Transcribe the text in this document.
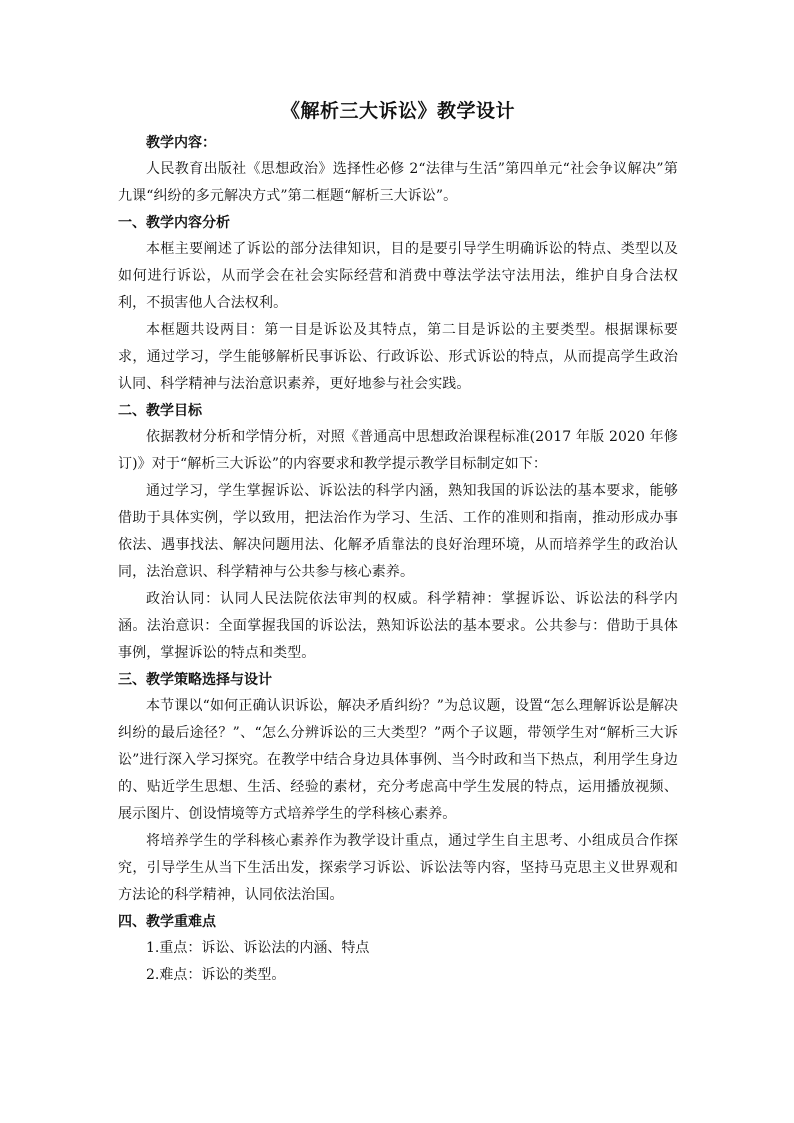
《解析三大诉讼》教学设计
教学内容：

人民教育出版社《思想政治》选择性必修 2“法律与生活”第四单元“社会争议解决”第九课“纠纷的多元解决方式”第二框题“解析三大诉讼”。

一、教学内容分析

本框主要阐述了诉讼的部分法律知识，目的是要引导学生明确诉讼的特点、类型以及如何进行诉讼，从而学会在社会实际经营和消费中尊法学法守法用法，维护自身合法权利，不损害他人合法权利。

本框题共设两目：第一目是诉讼及其特点，第二目是诉讼的主要类型。根据课标要求，通过学习，学生能够解析民事诉讼、行政诉讼、形式诉讼的特点，从而提高学生政治认同、科学精神与法治意识素养，更好地参与社会实践。

二、教学目标

依据教材分析和学情分析，对照《普通高中思想政治课程标准(2017 年版 2020 年修订)》对于“解析三大诉讼”的内容要求和教学提示教学目标制定如下：

通过学习，学生掌握诉讼、诉讼法的科学内涵，熟知我国的诉讼法的基本要求，能够借助于具体实例，学以致用，把法治作为学习、生活、工作的准则和指南，推动形成办事依法、遇事找法、解决问题用法、化解矛盾靠法的良好治理环境，从而培养学生的政治认同，法治意识、科学精神与公共参与核心素养。

政治认同：认同人民法院依法审判的权威。科学精神：掌握诉讼、诉讼法的科学内涵。法治意识：全面掌握我国的诉讼法，熟知诉讼法的基本要求。公共参与：借助于具体事例，掌握诉讼的特点和类型。

三、教学策略选择与设计

本节课以“如何正确认识诉讼，解决矛盾纠纷？”为总议题，设置“怎么理解诉讼是解决纠纷的最后途径？”、“怎么分辨诉讼的三大类型？”两个子议题，带领学生对“解析三大诉讼”进行深入学习探究。在教学中结合身边具体事例、当今时政和当下热点，利用学生身边的、贴近学生思想、生活、经验的素材，充分考虑高中学生发展的特点，运用播放视频、展示图片、创设情境等方式培养学生的学科核心素养。

将培养学生的学科核心素养作为教学设计重点，通过学生自主思考、小组成员合作探究，引导学生从当下生活出发，探索学习诉讼、诉讼法等内容，坚持马克思主义世界观和方法论的科学精神，认同依法治国。

四、教学重难点

1.重点：诉讼、诉讼法的内涵、特点

2.难点：诉讼的类型。
